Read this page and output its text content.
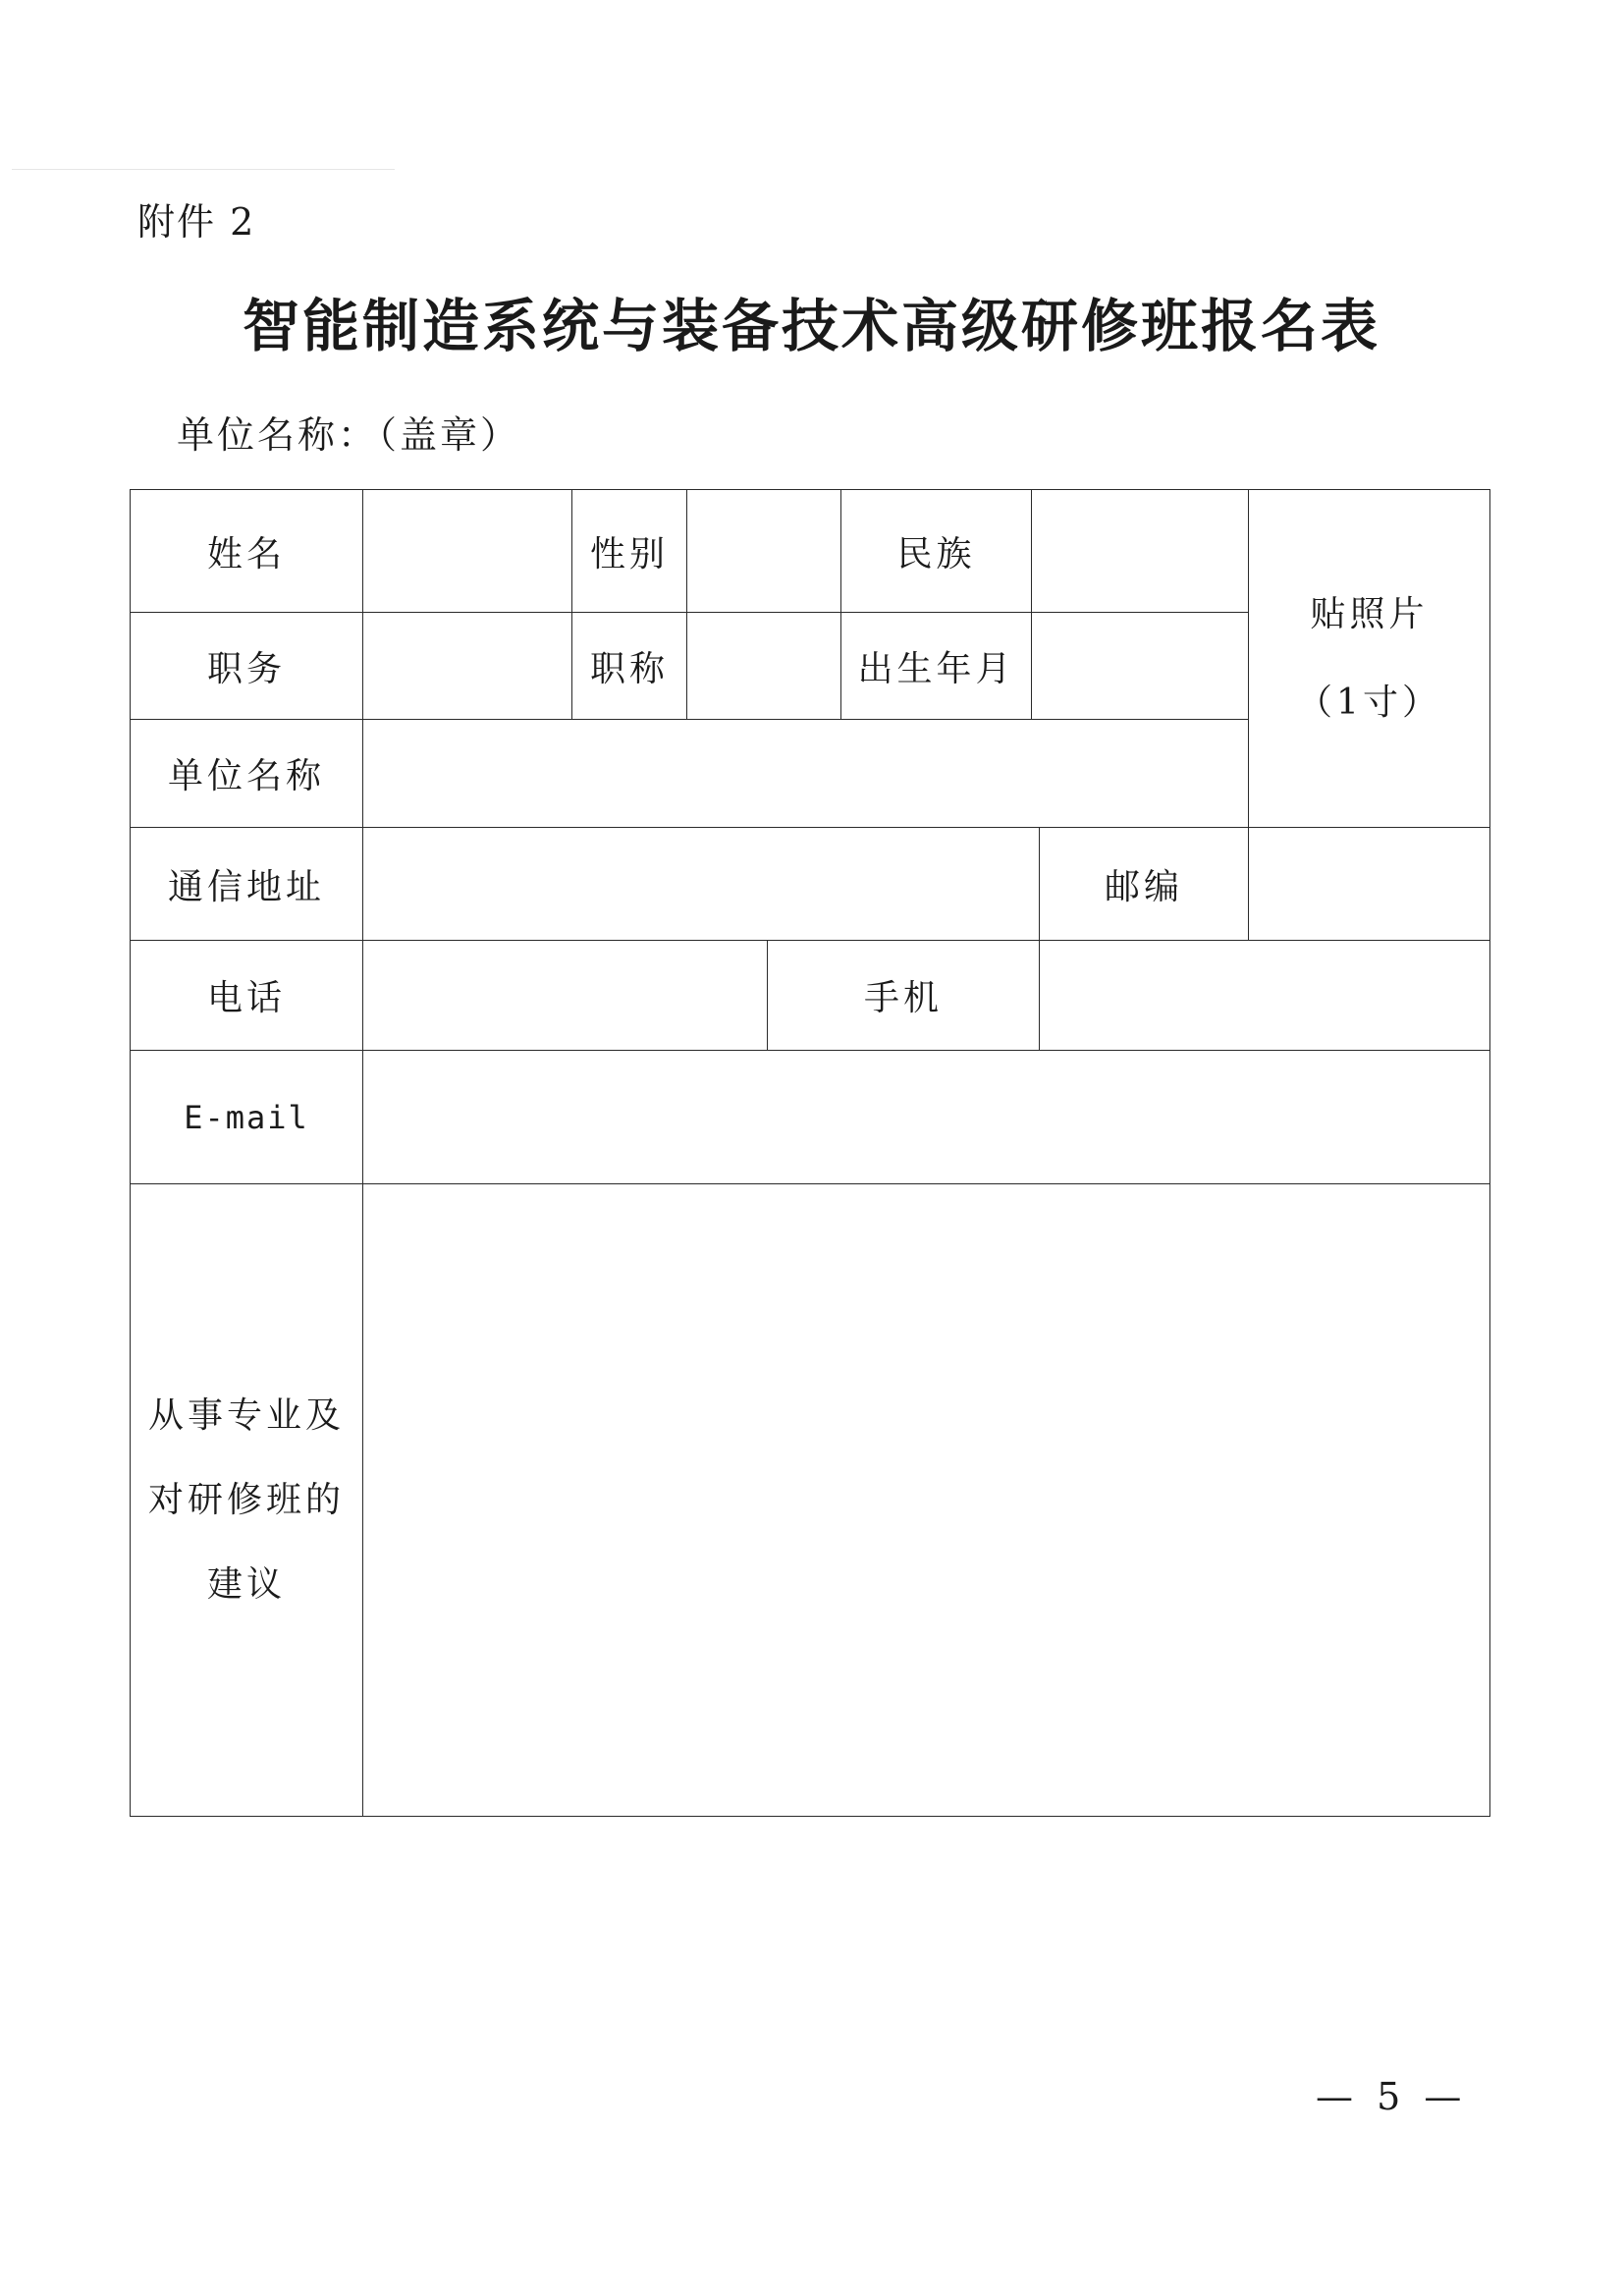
附件 2
智能制造系统与装备技术高级研修班报名表
单位名称：（盖章）
姓名	性别	民族
贴照片
（1寸）
职务	职称	出生年月
单位名称
通信地址	邮编
电话	手机
E-mail
从事专业及
对研修班的
建议
— 5 —
